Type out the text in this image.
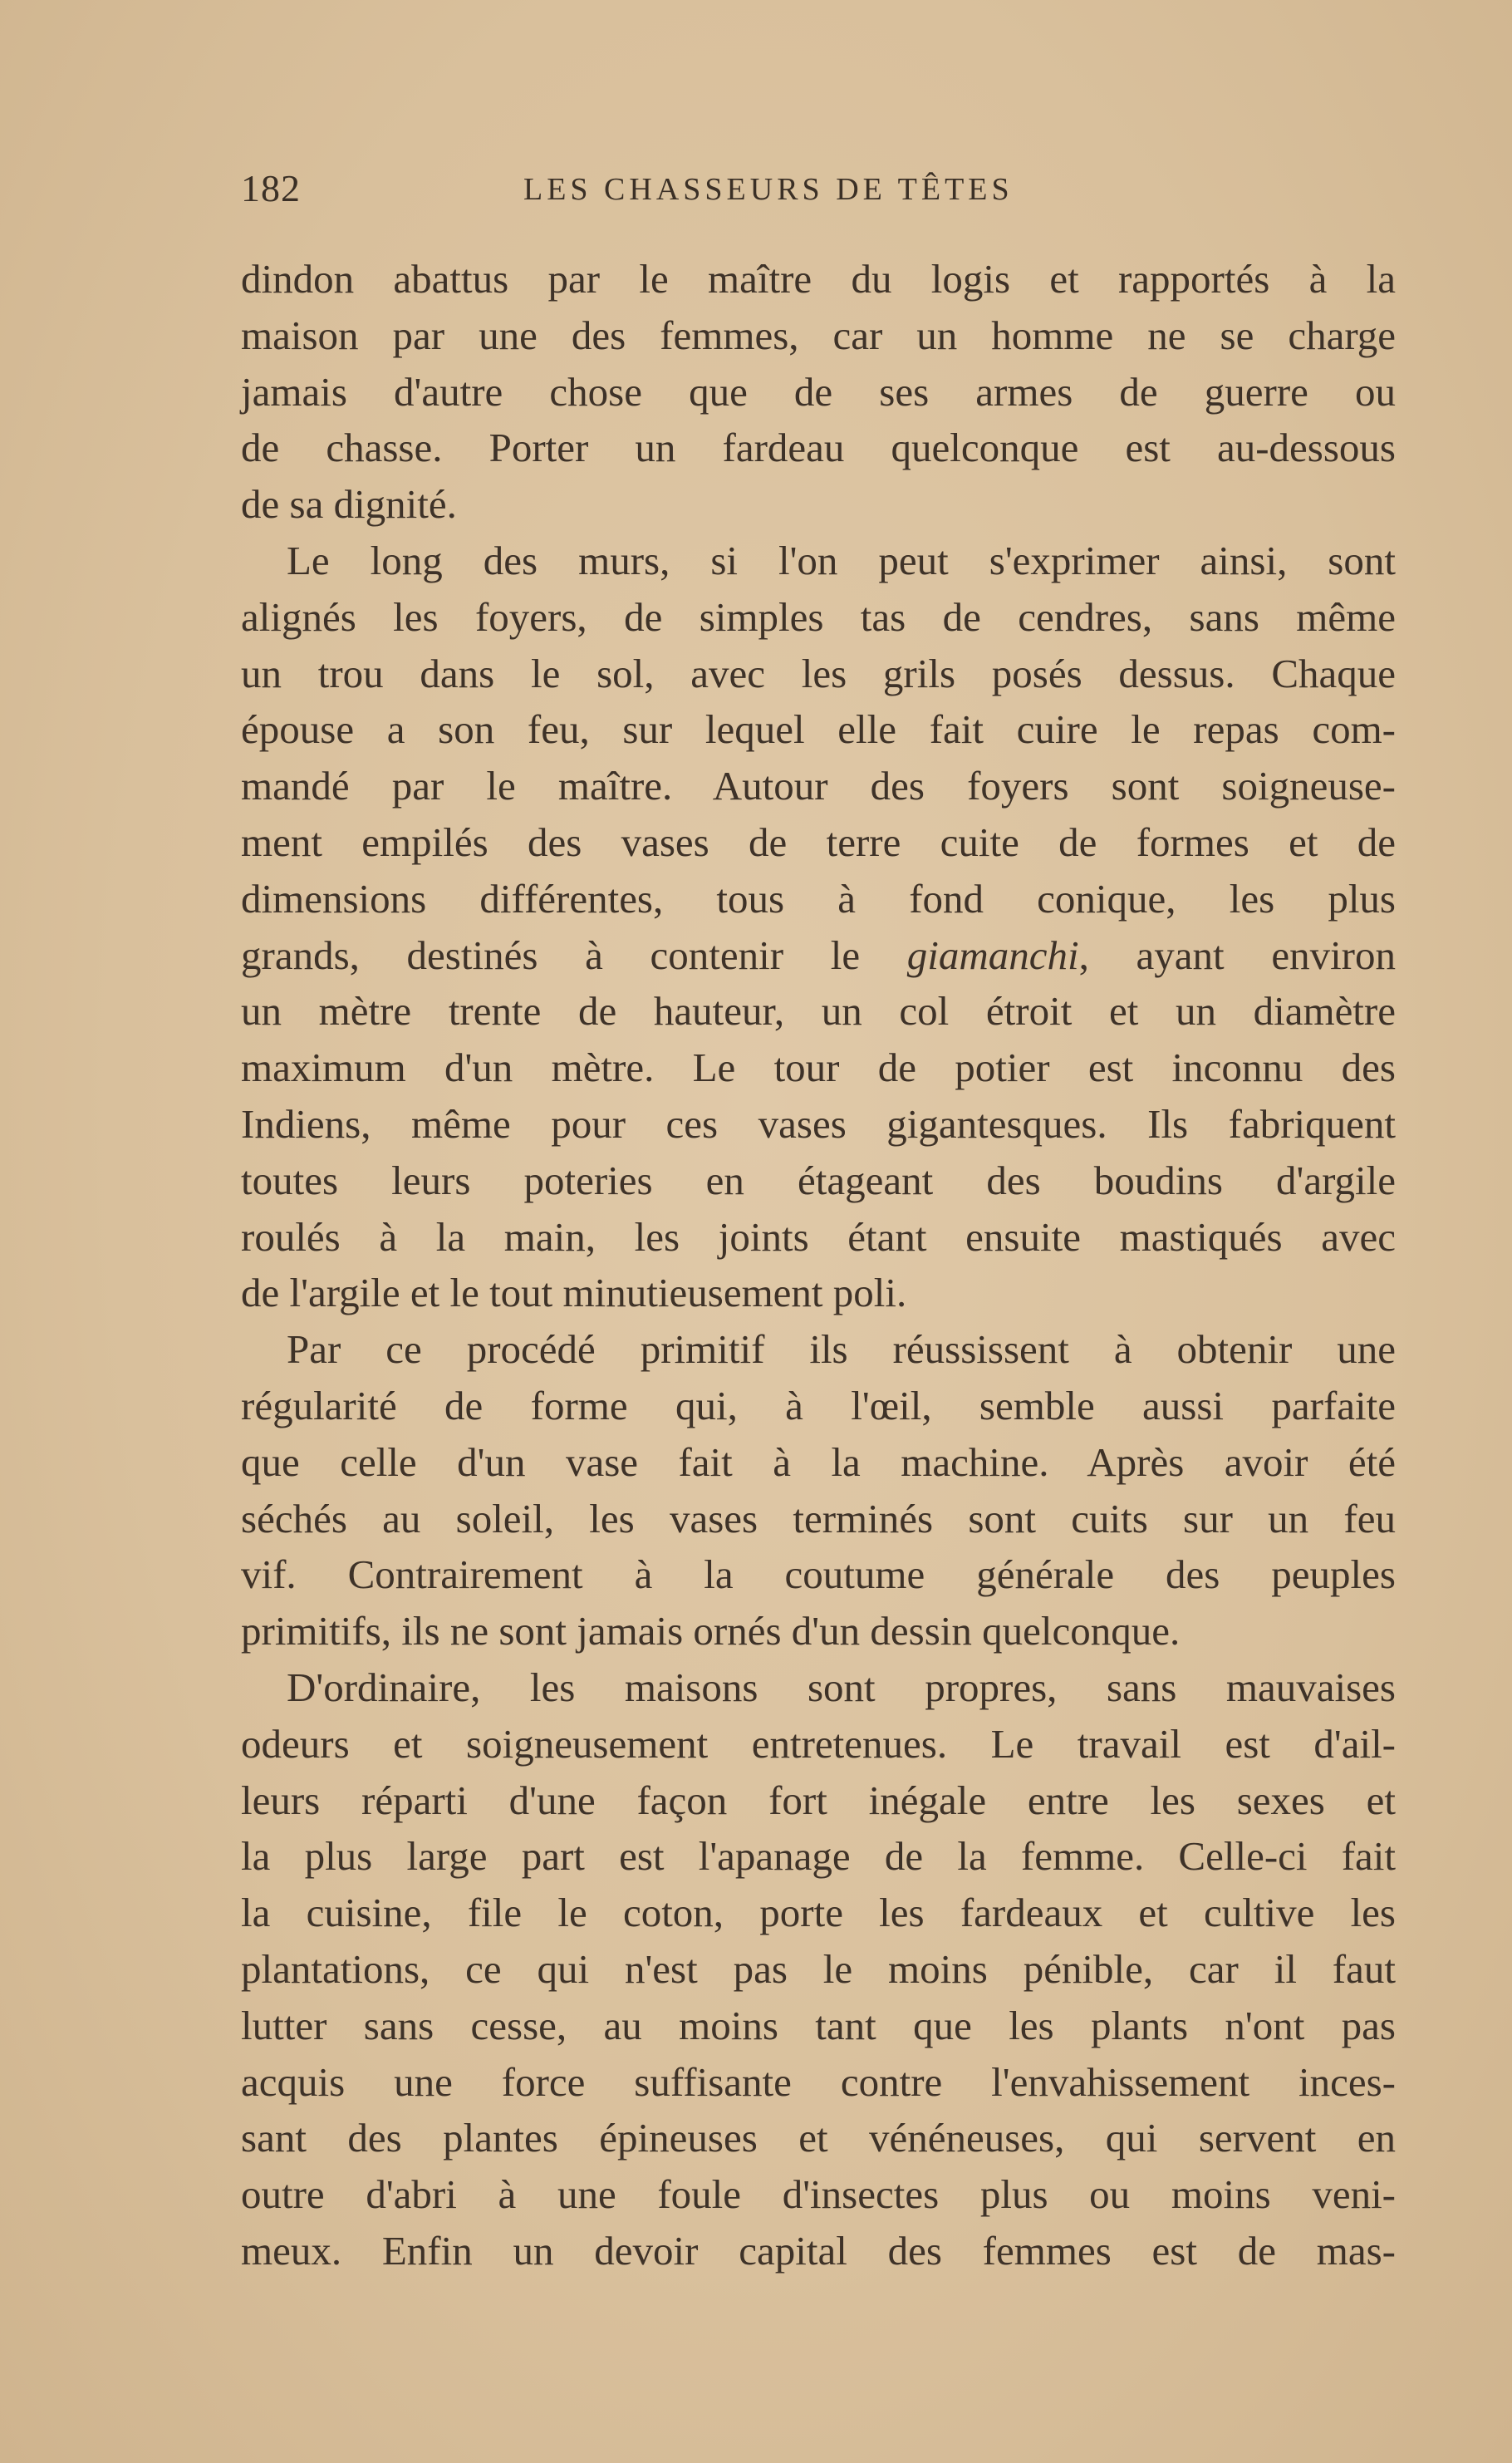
182	LES CHASSEURS DE TÊTES
dindon abattus par le maître du logis et rapportés à la
maison par une des femmes, car un homme ne se charge
jamais d'autre chose que de ses armes de guerre ou
de chasse. Porter un fardeau quelconque est au-dessous
de sa dignité.
Le long des murs, si l'on peut s'exprimer ainsi, sont
alignés les foyers, de simples tas de cendres, sans même
un trou dans le sol, avec les grils posés dessus. Chaque
épouse a son feu, sur lequel elle fait cuire le repas com-
mandé par le maître. Autour des foyers sont soigneuse-
ment empilés des vases de terre cuite de formes et de
dimensions différentes, tous à fond conique, les plus
grands, destinés à contenir le giamanchi, ayant environ
un mètre trente de hauteur, un col étroit et un diamètre
maximum d'un mètre. Le tour de potier est inconnu des
Indiens, même pour ces vases gigantesques. Ils fabriquent
toutes leurs poteries en étageant des boudins d'argile
roulés à la main, les joints étant ensuite mastiqués avec
de l'argile et le tout minutieusement poli.
Par ce procédé primitif ils réussissent à obtenir une
régularité de forme qui, à l'œil, semble aussi parfaite
que celle d'un vase fait à la machine. Après avoir été
séchés au soleil, les vases terminés sont cuits sur un feu
vif. Contrairement à la coutume générale des peuples
primitifs, ils ne sont jamais ornés d'un dessin quelconque.
D'ordinaire, les maisons sont propres, sans mauvaises
odeurs et soigneusement entretenues. Le travail est d'ail-
leurs réparti d'une façon fort inégale entre les sexes et
la plus large part est l'apanage de la femme. Celle-ci fait
la cuisine, file le coton, porte les fardeaux et cultive les
plantations, ce qui n'est pas le moins pénible, car il faut
lutter sans cesse, au moins tant que les plants n'ont pas
acquis une force suffisante contre l'envahissement inces-
sant des plantes épineuses et vénéneuses, qui servent en
outre d'abri à une foule d'insectes plus ou moins veni-
meux. Enfin un devoir capital des femmes est de mas-
